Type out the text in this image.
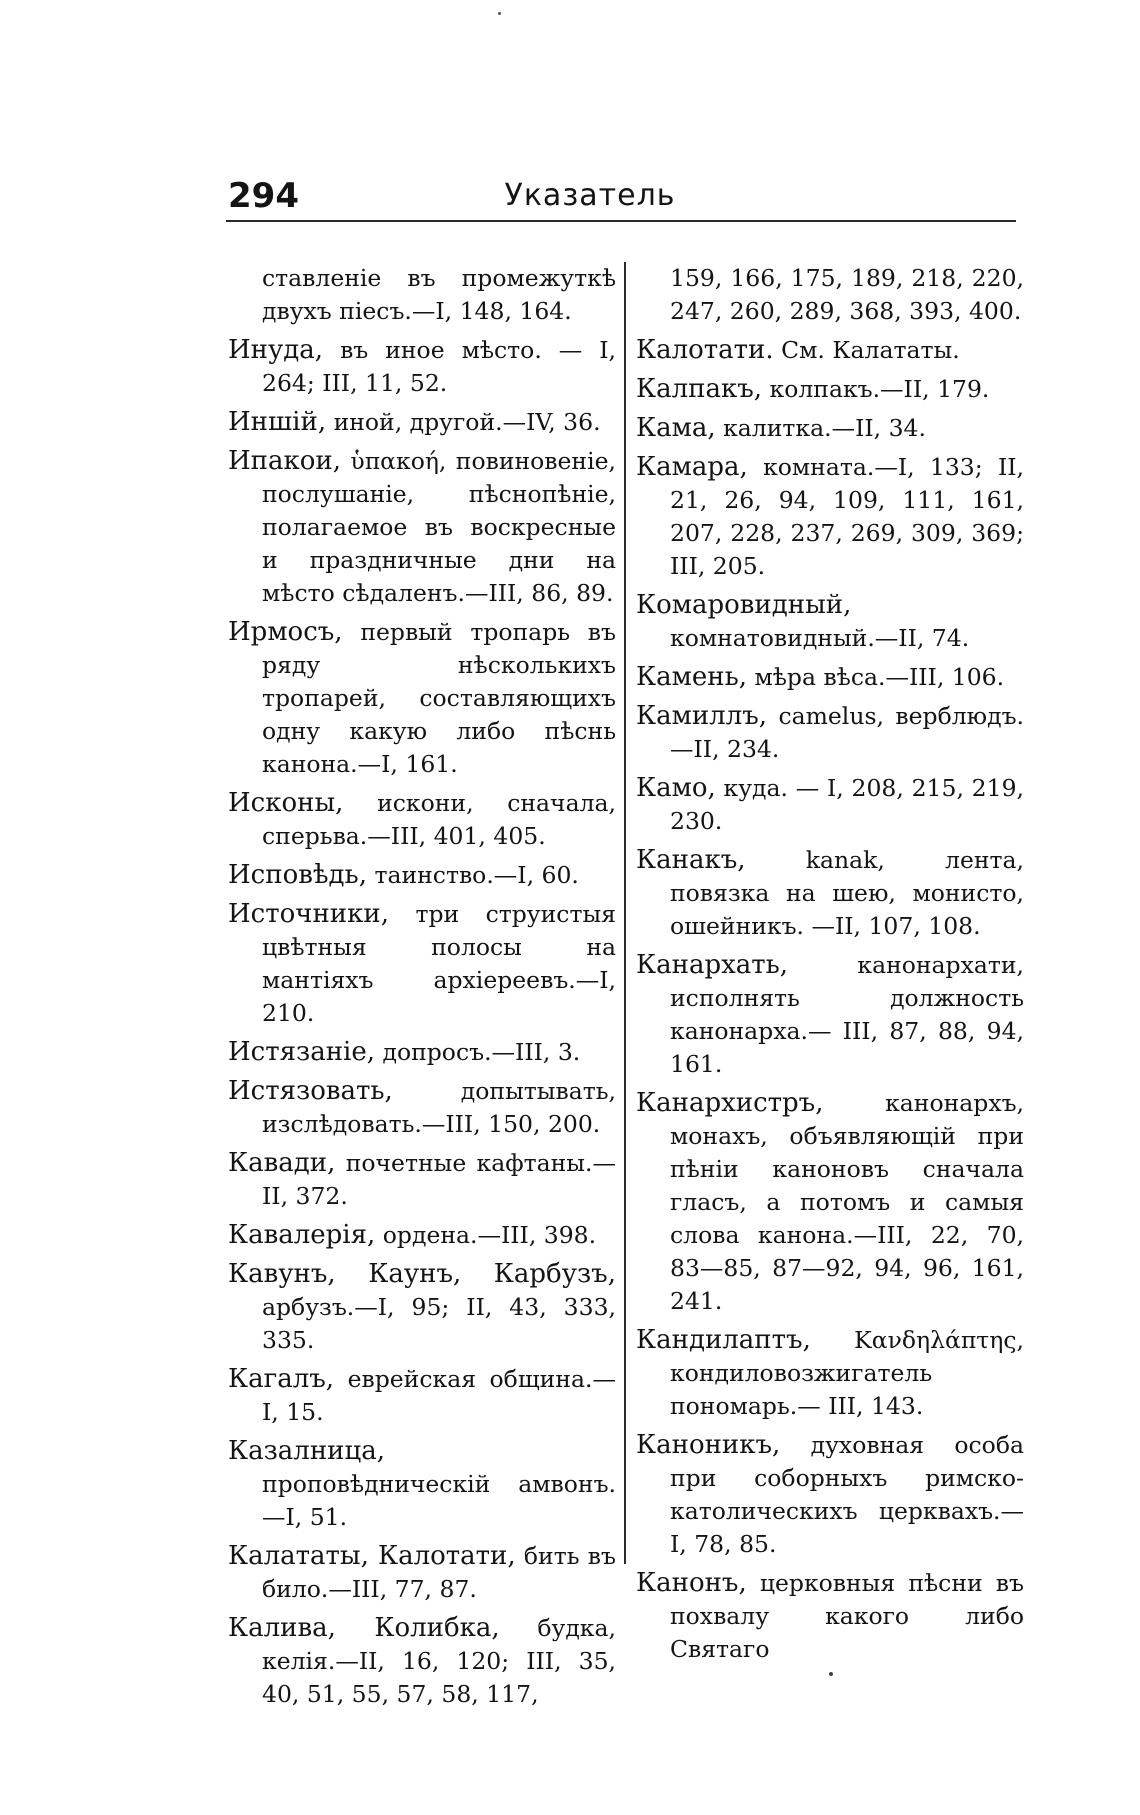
294	Указатель
ставленіе въ промежуткѣ двухъ пiесъ.—I, 148, 164.
Инуда, въ иное мѣсто. — I, 264; III, 11, 52.
Иншій, иной, другой.—IV, 36.
Ипакои, ὑπακοή, повиновеніе, послушаніе, пѣснопѣніе, полагаемое въ воскресные и праздничные дни на мѣсто сѣдаленъ.—III, 86, 89.
Ирмосъ, первый тропарь въ ряду нѣсколькихъ тропарей, составляющихъ одну какую либо пѣснь канона.—I, 161.
Исконы, искони, сначала, сперьва.—III, 401, 405.
Исповѣдь, таинство.—I, 60.
Источники, три струистыя цвѣтныя полосы на мантіяхъ архіереевъ.—I, 210.
Истязаніе, допросъ.—III, 3.
Истязовать,	допытывать, изслѣдовать.—III, 150, 200.
Кавади, почетные кафтаны.— II, 372.
Кавалерія, ордена.—III, 398.
Кавунъ, Каунъ, Карбузъ, арбузъ.—I, 95; II, 43, 333, 335.
Кагалъ, еврейская община.— I, 15.
Казалница, проповѣдническій амвонъ.—I, 51.
Калататы, Калотати, бить въ било.—III, 77, 87.
Калива, Колибка, будка, келія.—II, 16, 120; III, 35, 40, 51, 55, 57, 58, 117,
159, 166, 175, 189, 218, 220, 247, 260, 289, 368, 393, 400.
Калотати. См. Калататы.
Калпакъ, колпакъ.—II, 179.
Кама, калитка.—II, 34.
Камара, комната.—I, 133; II, 21, 26, 94, 109, 111, 161, 207, 228, 237, 269, 309, 369; III, 205.
Комаровидный, комнатовидный.—II, 74.
Камень, мѣра вѣса.—III, 106.
Камиллъ, camelus, верблюдъ. —II, 234.
Камо, куда. — I, 208, 215, 219, 230.
Канакъ,	kanak, лента, повязка на шею, монисто, ошейникъ. —II, 107, 108.
Канархать,	канонархати, исполнять должность канонарха.— III, 87, 88, 94, 161.
Канархистръ,	канонархъ, монахъ, объявляющій при пѣніи каноновъ сначала гласъ, а потомъ и самыя слова канона.—III, 22, 70, 83—85, 87—92, 94, 96, 161, 241.
Кандилаптъ, Κανδηλάπτης, кондиловозжигатель пономарь.— III, 143.
Каноникъ, духовная особа при соборныхъ римско-католическихъ церквахъ.—I, 78, 85.
Канонъ, церковныя пѣсни въ похвалу какого либо Святаго
